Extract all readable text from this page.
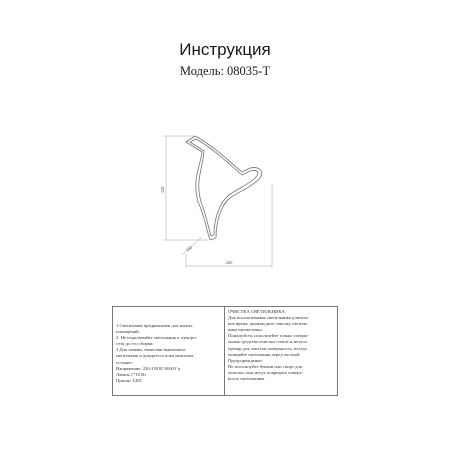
Инструкция
Модель: 08035-T
320
260
180
1.Светильник предназначен для жилых
помещений.
2. Не подключайте светильник к электро-
сети до его сборки.
3.Для замены лампочки выключите
светильник и дождитесь пока лампочка
остынет.
Напряжение: 220-230 В 50/60 Гц
Лампы 1*10 Вт
Цоколь: LED
ОЧИСТКА СВЕТИЛЬНИКА:
Для использования светильника длитель-
ное время, производите очистку светиль-
ника ежемесячно.
Пожалуйста, используйте только специа-
льные средства очистки стекла и металл
препар для очистки поверхность, всегда
очищайте светильник перед частной.
Предупреждение:
Не используйте бензин или спирт для
очистки, они могут повредить поверх-
ность светильника.
